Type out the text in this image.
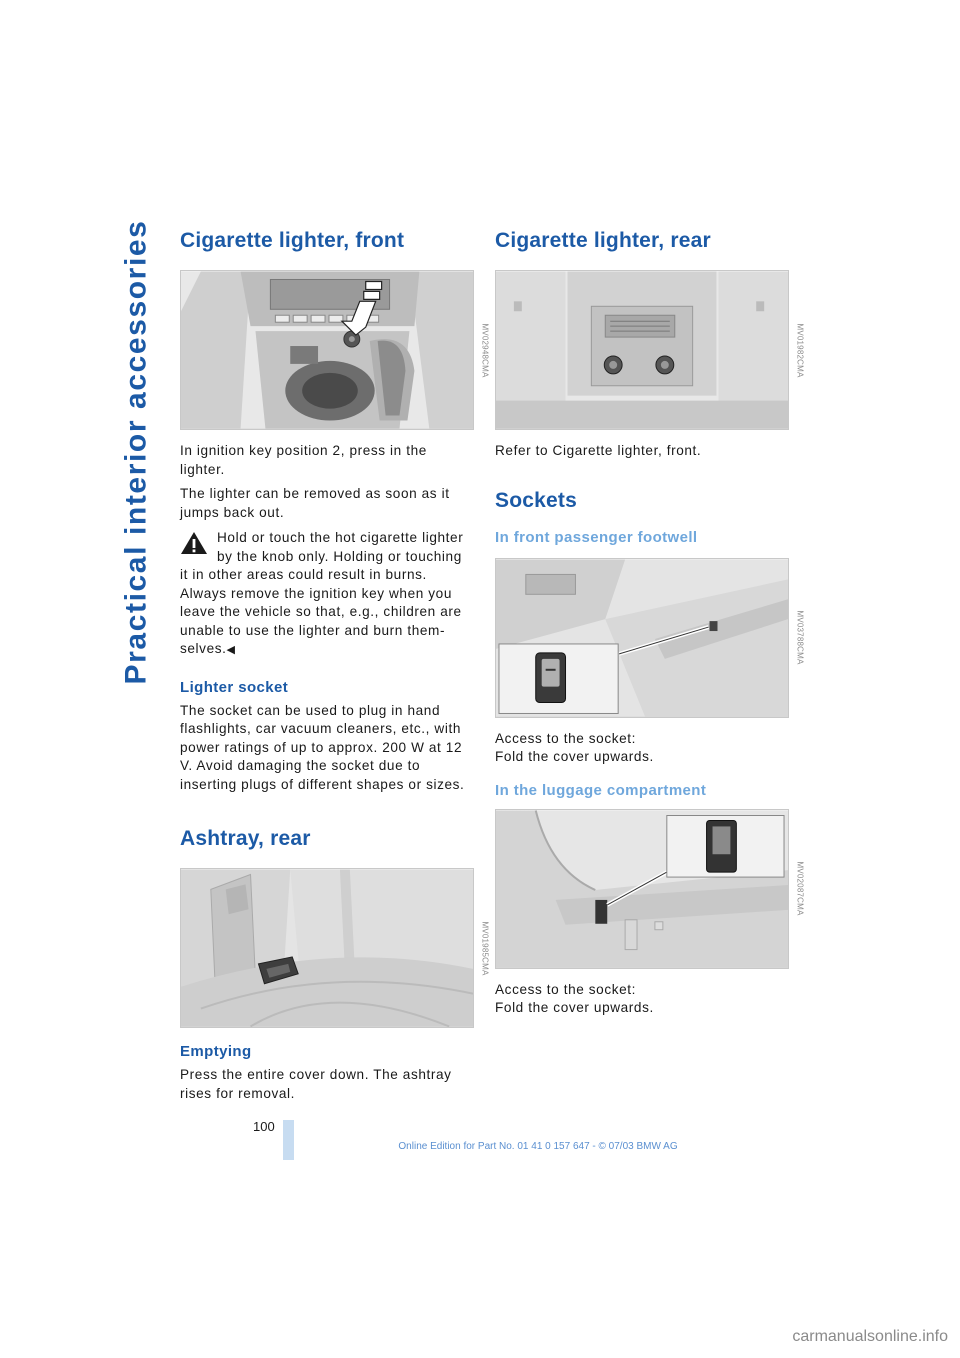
Practical interior accessories Cigarette lighter, front
MV02948CMA

In ignition key position 2, press in the lighter.

The lighter can be removed as soon as it jumps back out.

Hold or touch the hot cigarette lighter by the knob only. Holding or touching

it in other areas could result in burns. Always remove the ignition key when you leave the vehicle so that, e.g., children are unable to use the lighter and burn them-selves.◀

Lighter socket

The socket can be used to plug in hand flashlights, car vacuum cleaners, etc., with power ratings of up to approx. 200 W at 12 V. Avoid damaging the socket due to inserting plugs of different shapes or sizes.

Ashtray, rear
MV01985CMA
Emptying

Press the entire cover down. The ashtray rises for removal.

Cigarette lighter, rear
MV01982CMA

Refer to Cigarette lighter, front.

Sockets
In front passenger footwell
MV03788CMA

Access to the socket:

Fold the cover upwards.

In the luggage compartment
MV02087CMA

Access to the socket:

Fold the cover upwards.

100
Online Edition for Part No. 01 41 0 157 647 - © 07/03 BMW AG
carmanualsonline.info
